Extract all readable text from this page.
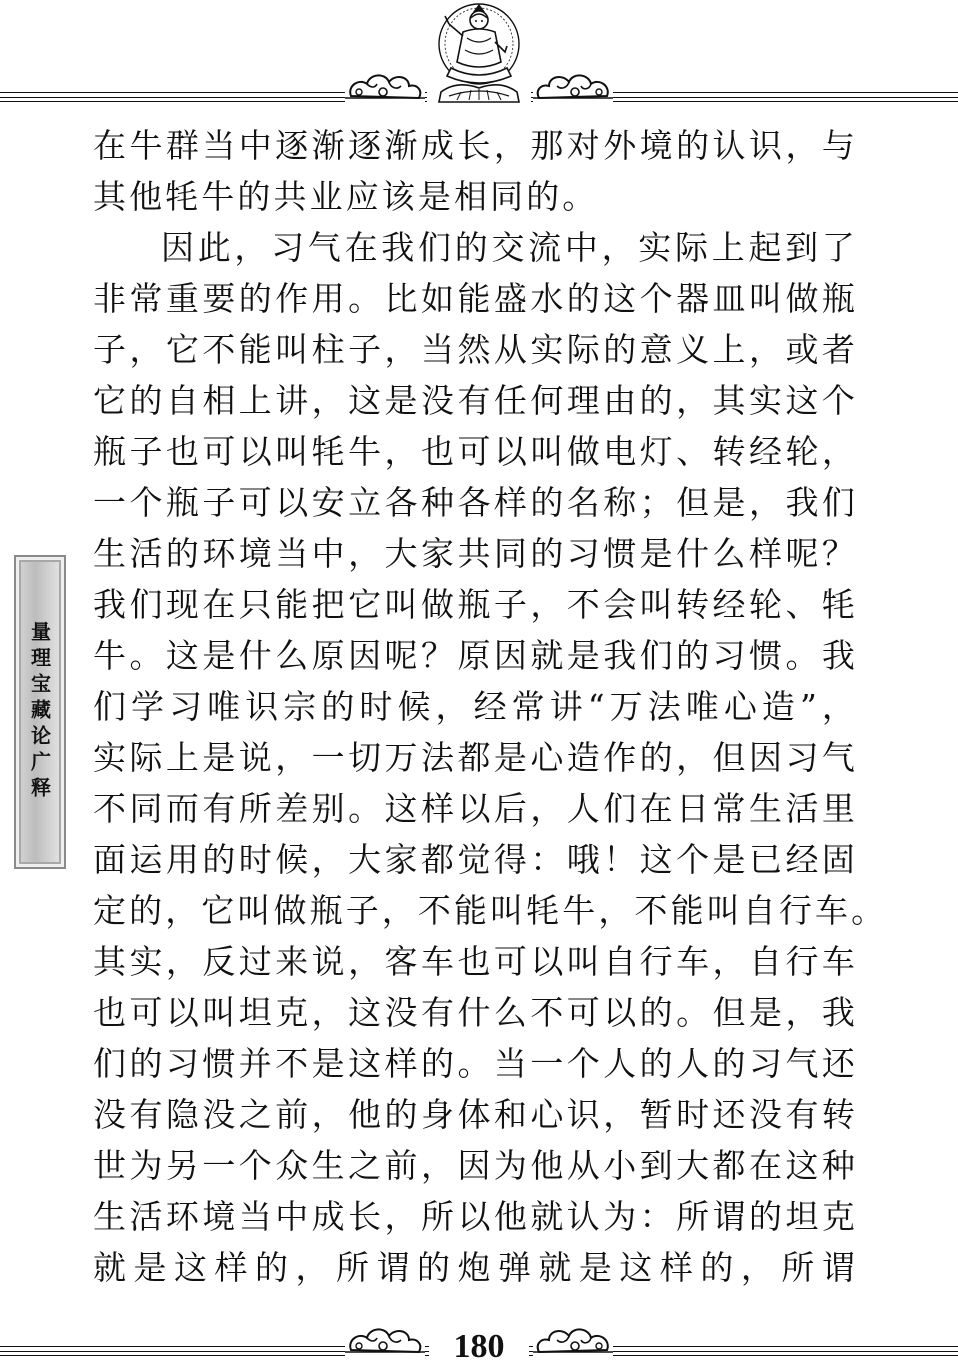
量理宝藏论广释
在牛群当中逐渐逐渐成长，那对外境的认识，与
其他牦牛的共业应该是相同的。
因此，习气在我们的交流中，实际上起到了
非常重要的作用。比如能盛水的这个器皿叫做瓶
子，它不能叫柱子，当然从实际的意义上，或者
它的自相上讲，这是没有任何理由的，其实这个
瓶子也可以叫牦牛，也可以叫做电灯、转经轮，
一个瓶子可以安立各种各样的名称；但是，我们
生活的环境当中，大家共同的习惯是什么样呢？
我们现在只能把它叫做瓶子，不会叫转经轮、牦
牛。这是什么原因呢？原因就是我们的习惯。我
们学习唯识宗的时候，经常讲“万法唯心造”，
实际上是说，一切万法都是心造作的，但因习气
不同而有所差别。这样以后，人们在日常生活里
面运用的时候，大家都觉得：哦！这个是已经固
定的，它叫做瓶子，不能叫牦牛，不能叫自行车。
其实，反过来说，客车也可以叫自行车，自行车
也可以叫坦克，这没有什么不可以的。但是，我
们的习惯并不是这样的。当一个人的人的习气还
没有隐没之前，他的身体和心识，暂时还没有转
世为另一个众生之前，因为他从小到大都在这种
生活环境当中成长，所以他就认为：所谓的坦克
就是这样的，所谓的炮弹就是这样的，所谓
180
